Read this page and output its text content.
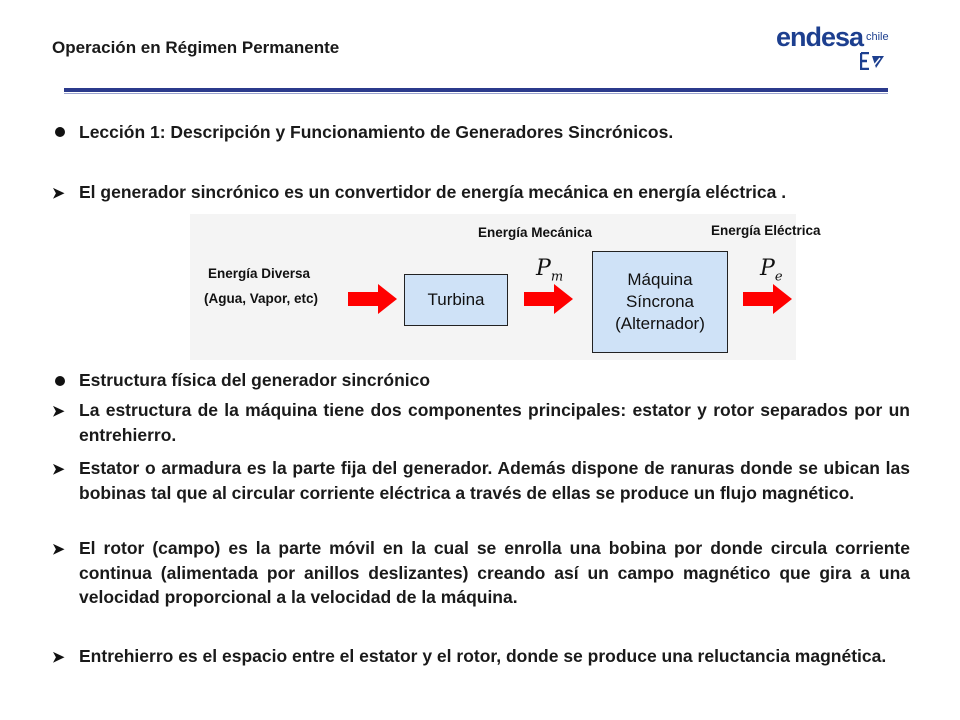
Operación en Régimen Permanente	endesa chile
Lección 1: Descripción y Funcionamiento de Generadores Sincrónicos.
➤ El generador sincrónico es un convertidor de energía mecánica en energía eléctrica .
Energía Diversa
(Agua, Vapor, etc)	Turbina
Energía Mecánica
$P_m$	Máquina
Síncrona
(Alternador)
Energía Eléctrica
$P_e$
Estructura física del generador sincrónico
➤ La estructura de la máquina tiene dos componentes principales: estator y rotor separados por un entrehierro.
➤ Estator o armadura es la parte fija del generador. Además dispone de ranuras donde se ubican las bobinas tal que al circular corriente eléctrica a través de ellas se produce un flujo magnético.
➤ El rotor (campo) es la parte móvil en la cual se enrolla una bobina por donde circula corriente continua (alimentada por anillos deslizantes) creando así un campo magnético que gira a una velocidad proporcional a la velocidad de la máquina.
➤ Entrehierro es el espacio entre el estator y el rotor, donde se produce una reluctancia magnética.
